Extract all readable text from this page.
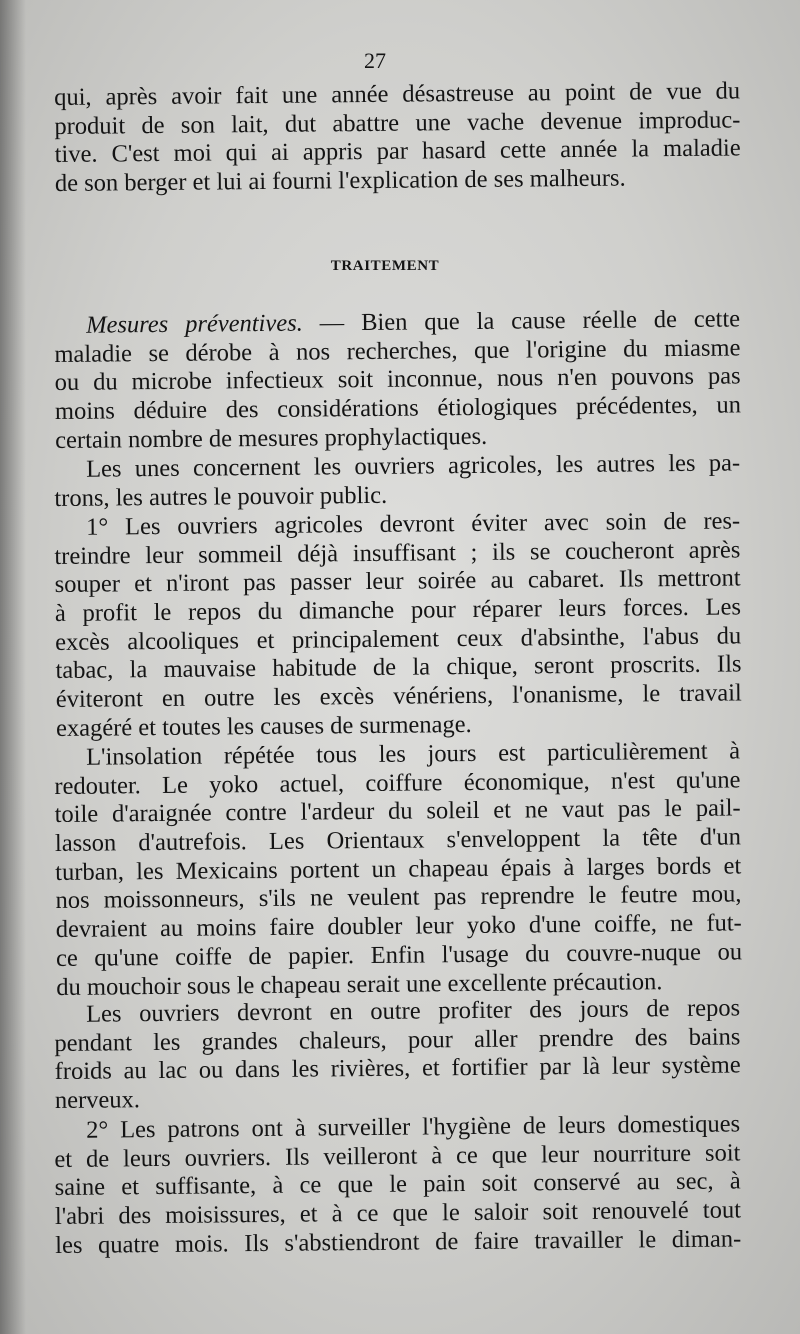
27
qui, après avoir fait une année désastreuse au point de vue du
produit de son lait, dut abattre une vache devenue improduc-
tive. C'est moi qui ai appris par hasard cette année la maladie
de son berger et lui ai fourni l'explication de ses malheurs.
TRAITEMENT
Mesures préventives. — Bien que la cause réelle de cette
maladie se dérobe à nos recherches, que l'origine du miasme
ou du microbe infectieux soit inconnue, nous n'en pouvons pas
moins déduire des considérations étiologiques précédentes, un
certain nombre de mesures prophylactiques.
Les unes concernent les ouvriers agricoles, les autres les pa-
trons, les autres le pouvoir public.
1° Les ouvriers agricoles devront éviter avec soin de res-
treindre leur sommeil déjà insuffisant ; ils se coucheront après
souper et n'iront pas passer leur soirée au cabaret. Ils mettront
à profit le repos du dimanche pour réparer leurs forces. Les
excès alcooliques et principalement ceux d'absinthe, l'abus du
tabac, la mauvaise habitude de la chique, seront proscrits. Ils
éviteront en outre les excès vénériens, l'onanisme, le travail
exagéré et toutes les causes de surmenage.
L'insolation répétée tous les jours est particulièrement à
redouter. Le yoko actuel, coiffure économique, n'est qu'une
toile d'araignée contre l'ardeur du soleil et ne vaut pas le pail-
lasson d'autrefois. Les Orientaux s'enveloppent la tête d'un
turban, les Mexicains portent un chapeau épais à larges bords et
nos moissonneurs, s'ils ne veulent pas reprendre le feutre mou,
devraient au moins faire doubler leur yoko d'une coiffe, ne fut-
ce qu'une coiffe de papier. Enfin l'usage du couvre-nuque ou
du mouchoir sous le chapeau serait une excellente précaution.
Les ouvriers devront en outre profiter des jours de repos
pendant les grandes chaleurs, pour aller prendre des bains
froids au lac ou dans les rivières, et fortifier par là leur système
nerveux.
2° Les patrons ont à surveiller l'hygiène de leurs domestiques
et de leurs ouvriers. Ils veilleront à ce que leur nourriture soit
saine et suffisante, à ce que le pain soit conservé au sec, à
l'abri des moisissures, et à ce que le saloir soit renouvelé tout
les quatre mois. Ils s'abstiendront de faire travailler le diman-
